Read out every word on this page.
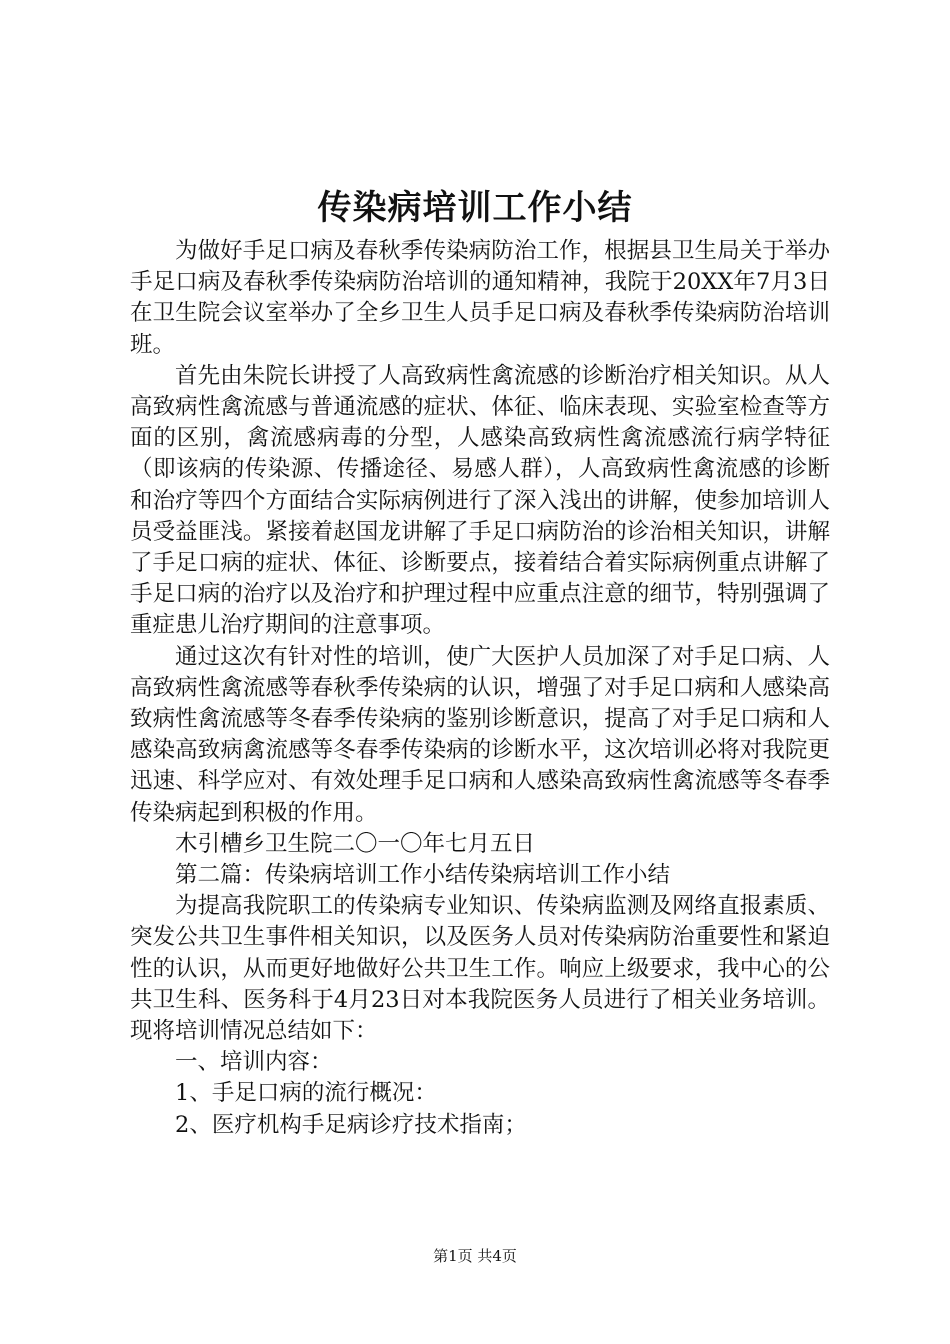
传染病培训工作小结

为做好手足口病及春秋季传染病防治工作，根据县卫生局关于举办手足口病及春秋季传染病防治培训的通知精神，我院于20XX年7月3日在卫生院会议室举办了全乡卫生人员手足口病及春秋季传染病防治培训班。

首先由朱院长讲授了人高致病性禽流感的诊断治疗相关知识。从人高致病性禽流感与普通流感的症状、体征、临床表现、实验室检查等方面的区别，禽流感病毒的分型，人感染高致病性禽流感流行病学特征（即该病的传染源、传播途径、易感人群），人高致病性禽流感的诊断和治疗等四个方面结合实际病例进行了深入浅出的讲解，使参加培训人员受益匪浅。紧接着赵国龙讲解了手足口病防治的诊治相关知识，讲解了手足口病的症状、体征、诊断要点，接着结合着实际病例重点讲解了手足口病的治疗以及治疗和护理过程中应重点注意的细节，特别强调了重症患儿治疗期间的注意事项。

通过这次有针对性的培训，使广大医护人员加深了对手足口病、人高致病性禽流感等春秋季传染病的认识，增强了对手足口病和人感染高致病性禽流感等冬春季传染病的鉴别诊断意识，提高了对手足口病和人感染高致病禽流感等冬春季传染病的诊断水平，这次培训必将对我院更迅速、科学应对、有效处理手足口病和人感染高致病性禽流感等冬春季传染病起到积极的作用。

木引槽乡卫生院二〇一〇年七月五日

第二篇：传染病培训工作小结传染病培训工作小结

为提高我院职工的传染病专业知识、传染病监测及网络直报素质、突发公共卫生事件相关知识，以及医务人员对传染病防治重要性和紧迫性的认识，从而更好地做好公共卫生工作。响应上级要求，我中心的公共卫生科、医务科于4月23日对本我院医务人员进行了相关业务培训。现将培训情况总结如下：

一、培训内容：

1、手足口病的流行概况：

2、医疗机构手足病诊疗技术指南；

第1页 共4页
